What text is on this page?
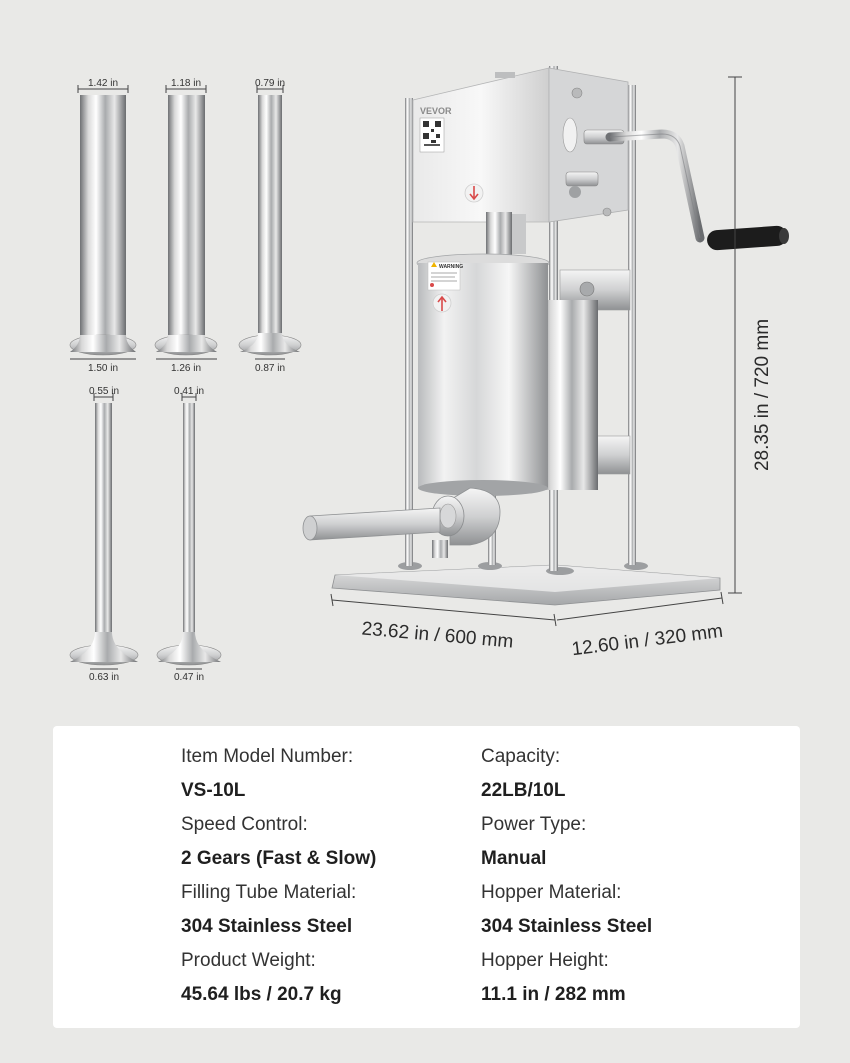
1.42 in
1.50 in
1.18 in
1.26 in
0.79 in
0.87 in
0.55 in
0.63 in
0.41 in
0.47 in
VEVOR
WARNING
28.35 in / 720 mm
23.62 in / 600 mm	12.60 in / 320 mm
Item Model Number:
VS-10L
Speed Control:
2 Gears (Fast & Slow)
Filling Tube Material:
304 Stainless Steel
Product Weight:
45.64 lbs / 20.7 kg
Capacity:
22LB/10L
Power Type:
Manual
Hopper Material:
304 Stainless Steel
Hopper Height:
11.1 in / 282 mm
